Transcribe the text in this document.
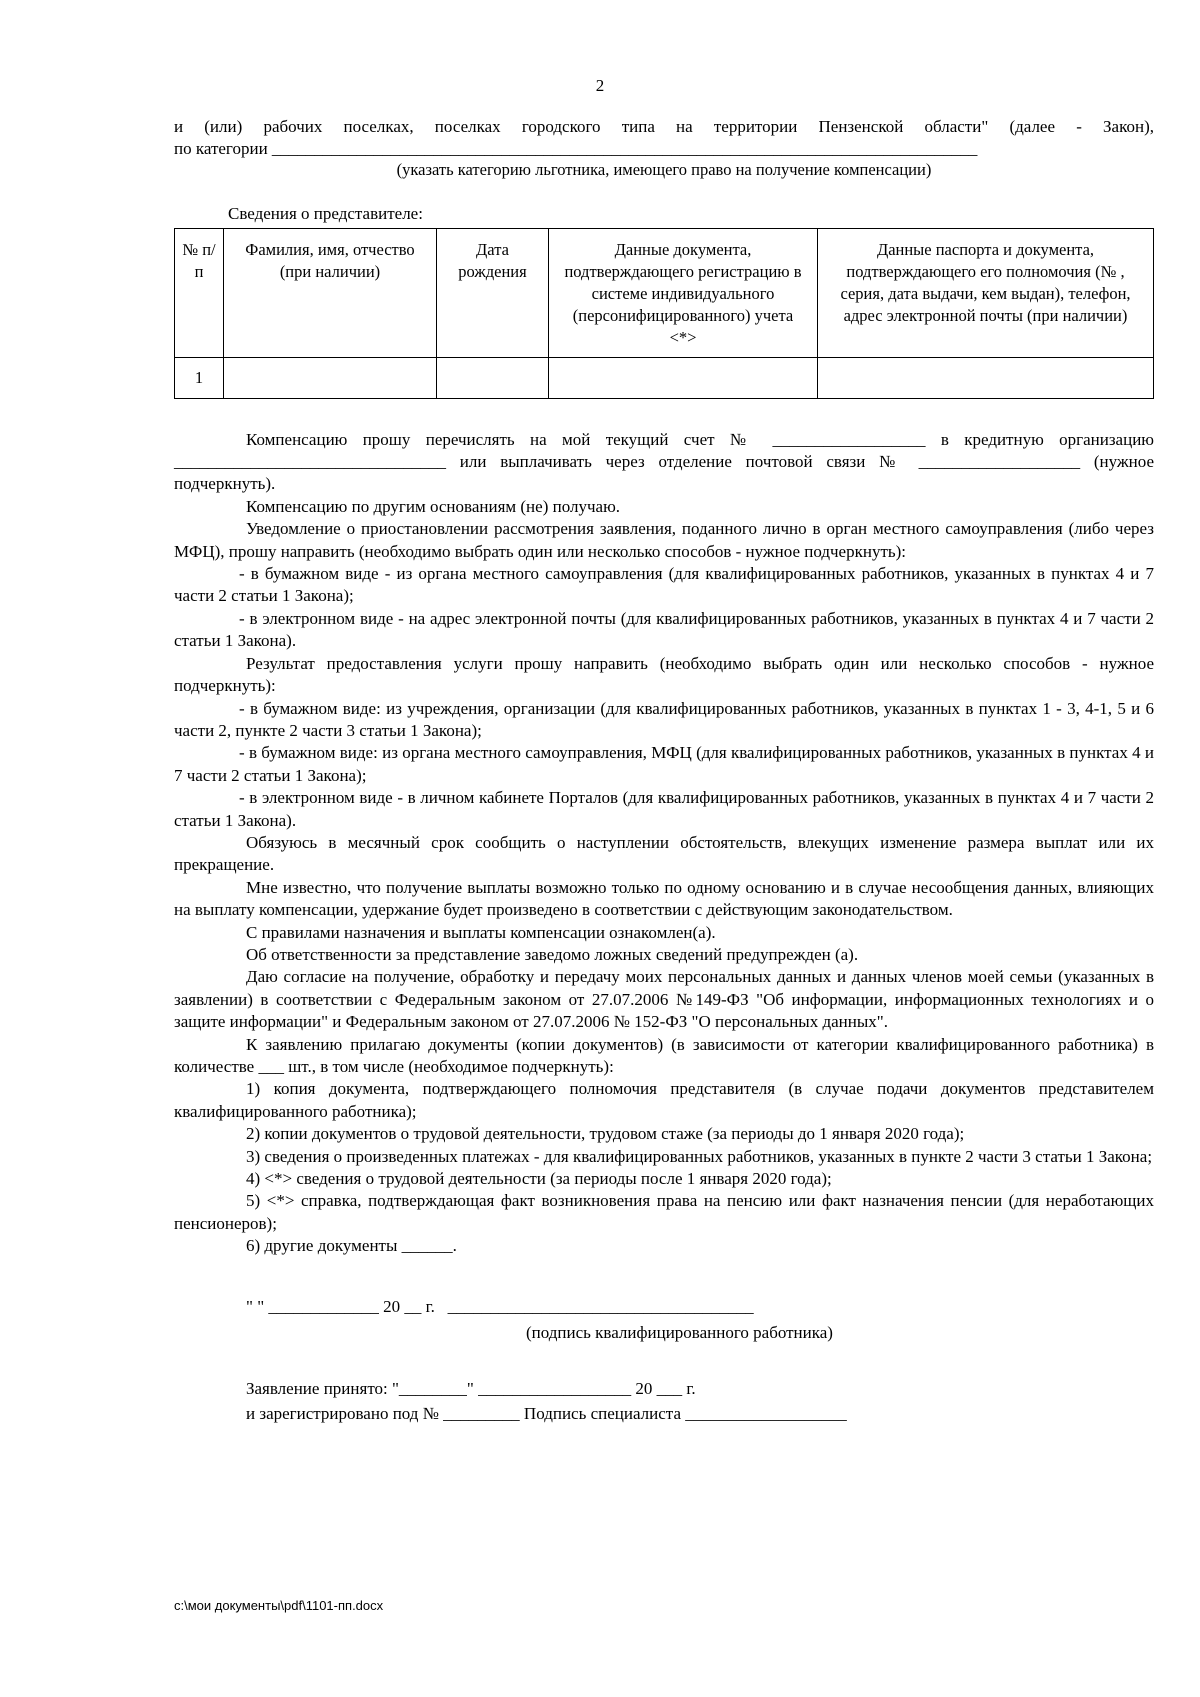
2

и (или) рабочих поселках, поселках городского типа на территории Пензенской области" (далее - Закон),

по категории ___________________________________________________________________________________

(указать категорию льготника, имеющего право на получение компенсации)

Сведения о представителе:

№ п/п	Фамилия, имя, отчество (при наличии)	Дата рождения	Данные документа, подтверждающего регистрацию в системе индивидуального (персонифицированного) учета <*>	Данные паспорта и документа, подтверждающего его полномочия (№ , серия, дата выдачи, кем выдан), телефон, адрес электронной почты (при наличии)
1				

Компенсацию прошу перечислять на мой текущий счет № __________________ в кредитную организацию ________________________________ или выплачивать через отделение почтовой связи № ___________________ (нужное подчеркнуть).

Компенсацию по другим основаниям (не) получаю.

Уведомление о приостановлении рассмотрения заявления, поданного лично в орган местного самоуправления (либо через МФЦ), прошу направить (необходимо выбрать один или несколько способов - нужное подчеркнуть):

- в бумажном виде - из органа местного самоуправления (для квалифицированных работников, указанных в пунктах 4 и 7 части 2 статьи 1 Закона);

- в электронном виде - на адрес электронной почты (для квалифицированных работников, указанных в пунктах 4 и 7 части 2 статьи 1 Закона).

Результат предоставления услуги прошу направить (необходимо выбрать один или несколько способов - нужное подчеркнуть):

- в бумажном виде: из учреждения, организации (для квалифицированных работников, указанных в пунктах 1 - 3, 4-1, 5 и 6 части 2, пункте 2 части 3 статьи 1 Закона);

- в бумажном виде: из органа местного самоуправления, МФЦ (для квалифицированных работников, указанных в пунктах 4 и 7 части 2 статьи 1 Закона);

- в электронном виде - в личном кабинете Порталов (для квалифицированных работников, указанных в пунктах 4 и 7 части 2 статьи 1 Закона).

Обязуюсь в месячный срок сообщить о наступлении обстоятельств, влекущих изменение размера выплат или их прекращение.

Мне известно, что получение выплаты возможно только по одному основанию и в случае несообщения данных, влияющих на выплату компенсации, удержание будет произведено в соответствии с действующим законодательством.

С правилами назначения и выплаты компенсации ознакомлен(а).

Об ответственности за представление заведомо ложных сведений предупрежден (а).

Даю согласие на получение, обработку и передачу моих персональных данных и данных членов моей семьи (указанных в заявлении) в соответствии с Федеральным законом от 27.07.2006 №149-ФЗ "Об информации, информационных технологиях и о защите информации" и Федеральным законом от 27.07.2006 № 152-ФЗ "О персональных данных".

К заявлению прилагаю документы (копии документов) (в зависимости от категории квалифицированного работника) в количестве ___ шт., в том числе (необходимое подчеркнуть):

1) копия документа, подтверждающего полномочия представителя (в случае подачи документов представителем квалифицированного работника);

2) копии документов о трудовой деятельности, трудовом стаже (за периоды до 1 января 2020 года);

3) сведения о произведенных платежах - для квалифицированных работников, указанных в пункте 2 части 3 статьи 1 Закона;

4) <*> сведения о трудовой деятельности (за периоды после 1 января 2020 года);

5) <*> справка, подтверждающая факт возникновения права на пенсию или факт назначения пенсии (для неработающих пенсионеров);

6) другие документы ______.

" " _____________ 20 __ г.   ____________________________________

(подпись квалифицированного работника)

Заявление принято: "________" __________________ 20 ___ г.

и зарегистрировано под № _________ Подпись специалиста ___________________

c:\мои документы\pdf\1101-пп.docx
